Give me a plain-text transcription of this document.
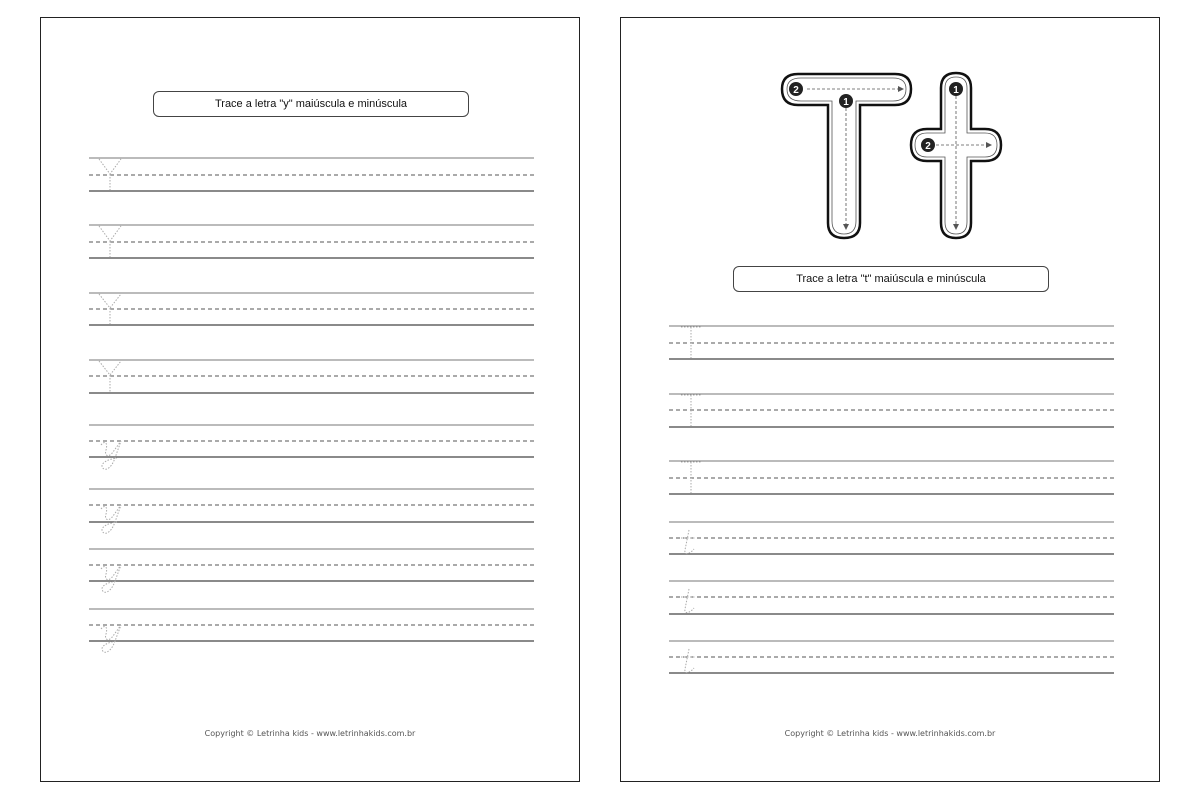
Trace a letra "y" maiúscula e minúscula
Copyright © Letrinha kids - www.letrinhakids.com.br
2
1
1
2
Trace a letra "t" maiúscula e minúscula
Copyright © Letrinha kids - www.letrinhakids.com.br
